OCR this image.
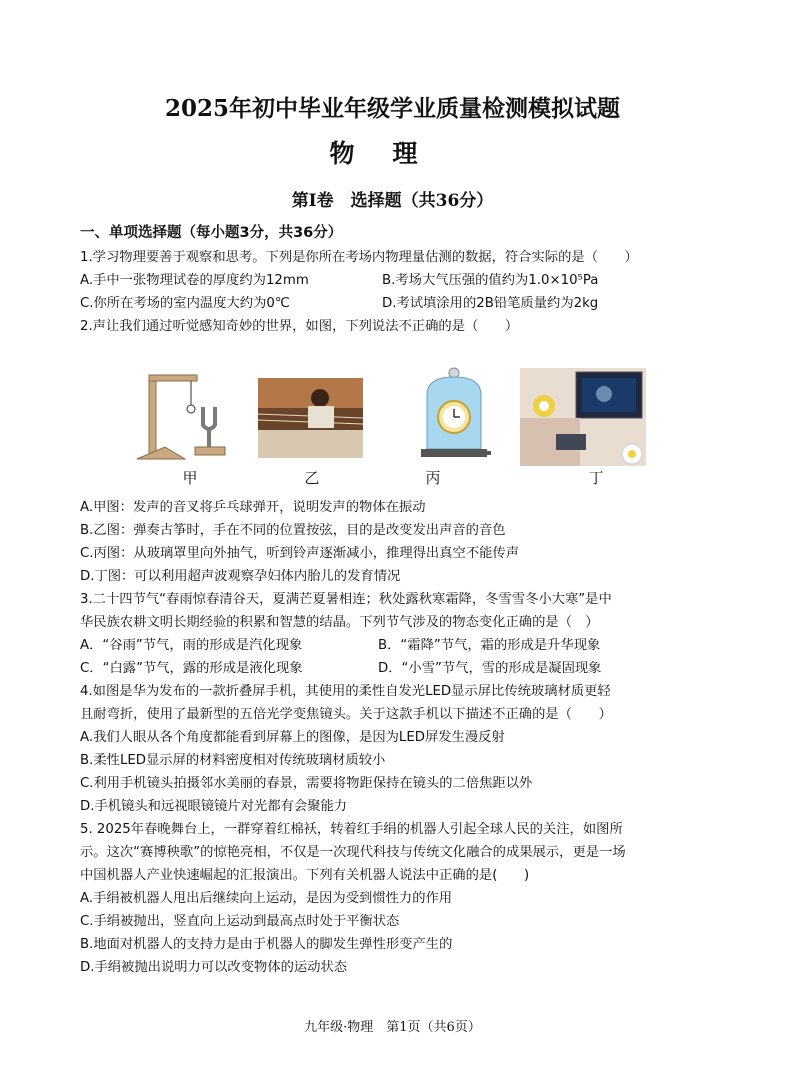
2025年初中毕业年级学业质量检测模拟试题
物理
第Ⅰ卷　选择题（共36分）
一、单项选择题（每小题3分，共36分）
1.学习物理要善于观察和思考。下列是你所在考场内物理量估测的数据，符合实际的是（　　）
A.手中一张物理试卷的厚度约为12mm	B.考场大气压强的值约为1.0×10⁵Pa
C.你所在考场的室内温度大约为0℃	D.考试填涂用的2B铅笔质量约为2kg
2.声让我们通过听觉感知奇妙的世界，如图，下列说法不正确的是（　　）
甲	乙	丙	丁
A.甲图：发声的音叉将乒乓球弹开，说明发声的物体在振动
B.乙图：弹奏古筝时，手在不同的位置按弦，目的是改变发出声音的音色
C.丙图：从玻璃罩里向外抽气，听到铃声逐渐减小，推理得出真空不能传声
D.丁图：可以利用超声波观察孕妇体内胎儿的发育情况
3.二十四节气“春雨惊春清谷天，夏满芒夏暑相连；秋处露秋寒霜降，冬雪雪冬小大寒”是中
华民族农耕文明长期经验的积累和智慧的结晶。下列节气涉及的物态变化正确的是（　）
A．“谷雨”节气，雨的形成是汽化现象	B．“霜降”节气，霜的形成是升华现象
C．“白露”节气，露的形成是液化现象	D．“小雪”节气，雪的形成是凝固现象
4.如图是华为发布的一款折叠屏手机，其使用的柔性自发光LED显示屏比传统玻璃材质更轻
且耐弯折，使用了最新型的五倍光学变焦镜头。关于这款手机以下描述不正确的是（　　）
A.我们人眼从各个角度都能看到屏幕上的图像，是因为LED屏发生漫反射
B.柔性LED显示屏的材料密度相对传统玻璃材质较小
C.利用手机镜头拍摄邻水美丽的春景，需要将物距保持在镜头的二倍焦距以外
D.手机镜头和远视眼镜镜片对光都有会聚能力
5. 2025年春晚舞台上，一群穿着红棉袄，转着红手绢的机器人引起全球人民的关注，如图所
示。这次“赛博秧歌”的惊艳亮相，不仅是一次现代科技与传统文化融合的成果展示，更是一场
中国机器人产业快速崛起的汇报演出。下列有关机器人说法中正确的是(　　)
A.手绢被机器人甩出后继续向上运动，是因为受到惯性力的作用
C.手绢被抛出，竖直向上运动到最高点时处于平衡状态
B.地面对机器人的支持力是由于机器人的脚发生弹性形变产生的
D.手绢被抛出说明力可以改变物体的运动状态
九年级·物理　第1页（共6页）
